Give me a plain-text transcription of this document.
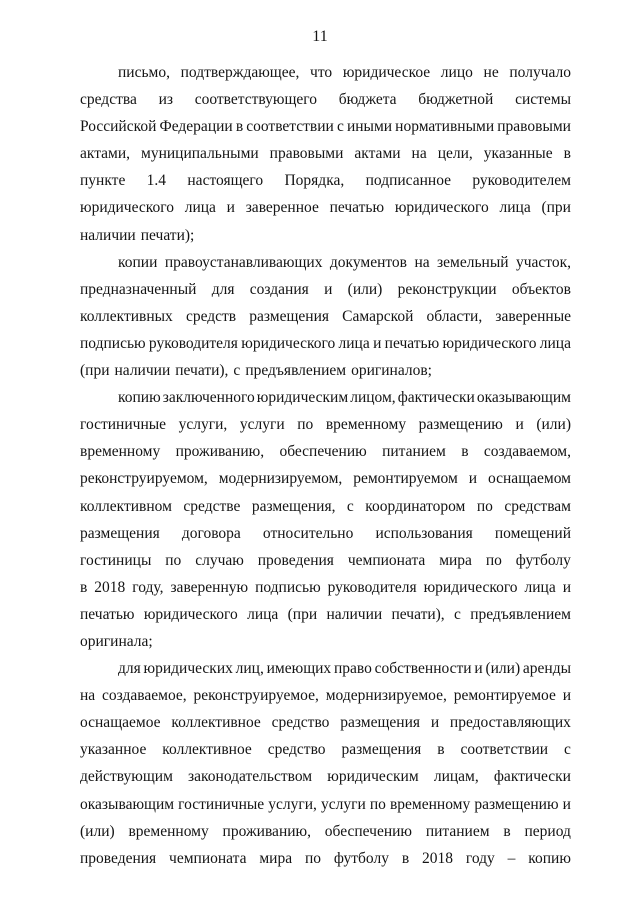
11
письмо, подтверждающее, что юридическое лицо не получало
средства из соответствующего бюджета бюджетной системы
Российской Федерации в соответствии с иными нормативными правовыми
актами, муниципальными правовыми актами на цели, указанные в
пункте 1.4 настоящего Порядка, подписанное руководителем
юридического лица и заверенное печатью юридического лица (при
наличии печати);
копии правоустанавливающих документов на земельный участок,
предназначенный для создания и (или) реконструкции объектов
коллективных средств размещения Самарской области, заверенные
подписью руководителя юридического лица и печатью юридического лица
(при наличии печати), с предъявлением оригиналов;
копию заключенного юридическим лицом, фактически оказывающим
гостиничные услуги, услуги по временному размещению и (или)
временному проживанию, обеспечению питанием в создаваемом,
реконструируемом, модернизируемом, ремонтируемом и оснащаемом
коллективном средстве размещения, с координатором по средствам
размещения договора относительно использования помещений
гостиницы по случаю проведения чемпионата мира по футболу
в 2018 году, заверенную подписью руководителя юридического лица и
печатью юридического лица (при наличии печати), с предъявлением
оригинала;
для юридических лиц, имеющих право собственности и (или) аренды
на создаваемое, реконструируемое, модернизируемое, ремонтируемое и
оснащаемое коллективное средство размещения и предоставляющих
указанное коллективное средство размещения в соответствии с
действующим законодательством юридическим лицам, фактически
оказывающим гостиничные услуги, услуги по временному размещению и
(или) временному проживанию, обеспечению питанием в период
проведения чемпионата мира по футболу в 2018 году – копию
